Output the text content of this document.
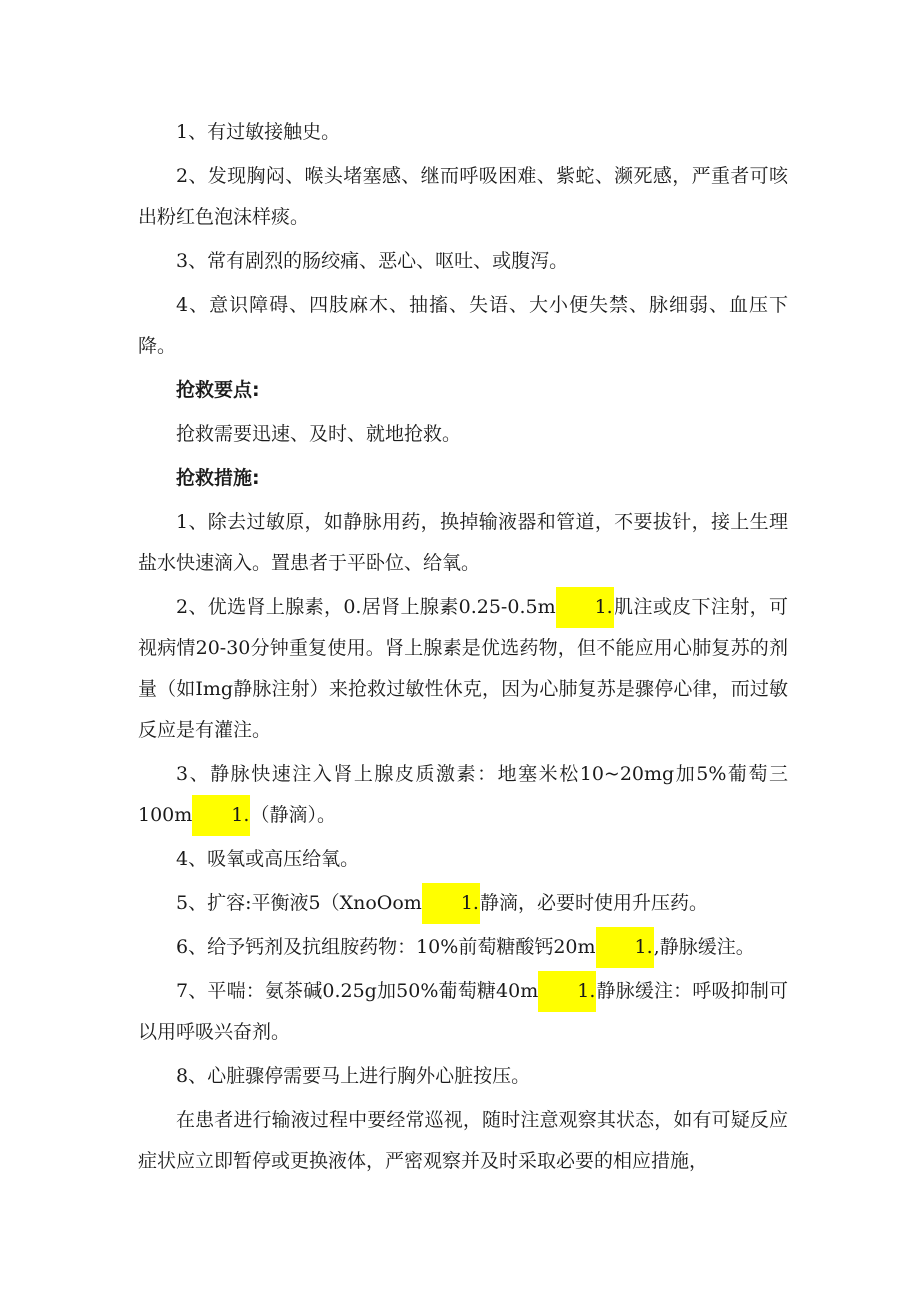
1、有过敏接触史。

2、发现胸闷、喉头堵塞感、继而呼吸困难、紫蛇、濒死感，严重者可咳出粉红色泡沫样痰。

3、常有剧烈的肠绞痛、恶心、呕吐、或腹泻。

4、意识障碍、四肢麻木、抽搐、失语、大小便失禁、脉细弱、血压下降。

抢救要点:

抢救需要迅速、及时、就地抢救。

抢救措施:

1、除去过敏原，如静脉用药，换掉输液器和管道，不要拔针，接上生理盐水快速滴入。置患者于平卧位、给氧。

2、优选肾上腺素，0.居肾上腺素0.25-0.5m 1.肌注或皮下注射，可视病情20-30分钟重复使用。肾上腺素是优选药物，但不能应用心肺复苏的剂量（如Img静脉注射）来抢救过敏性休克，因为心肺复苏是骤停心律，而过敏反应是有灌注。

3、静脉快速注入肾上腺皮质激素：地塞米松10~20mg加5%葡萄三100m 1.（静滴）。

4、吸氧或高压给氧。

5、扩容:平衡液5（XnoOom 1.静滴，必要时使用升压药。

6、给予钙剂及抗组胺药物：10%前萄糖酸钙20m 1.,静脉缓注。

7、平喘：氨茶碱0.25g加50%葡萄糖40m 1.静脉缓注：呼吸抑制可以用呼吸兴奋剂。

8、心脏骤停需要马上进行胸外心脏按压。

在患者进行输液过程中要经常巡视，随时注意观察其状态，如有可疑反应症状应立即暂停或更换液体，严密观察并及时采取必要的相应措施，
